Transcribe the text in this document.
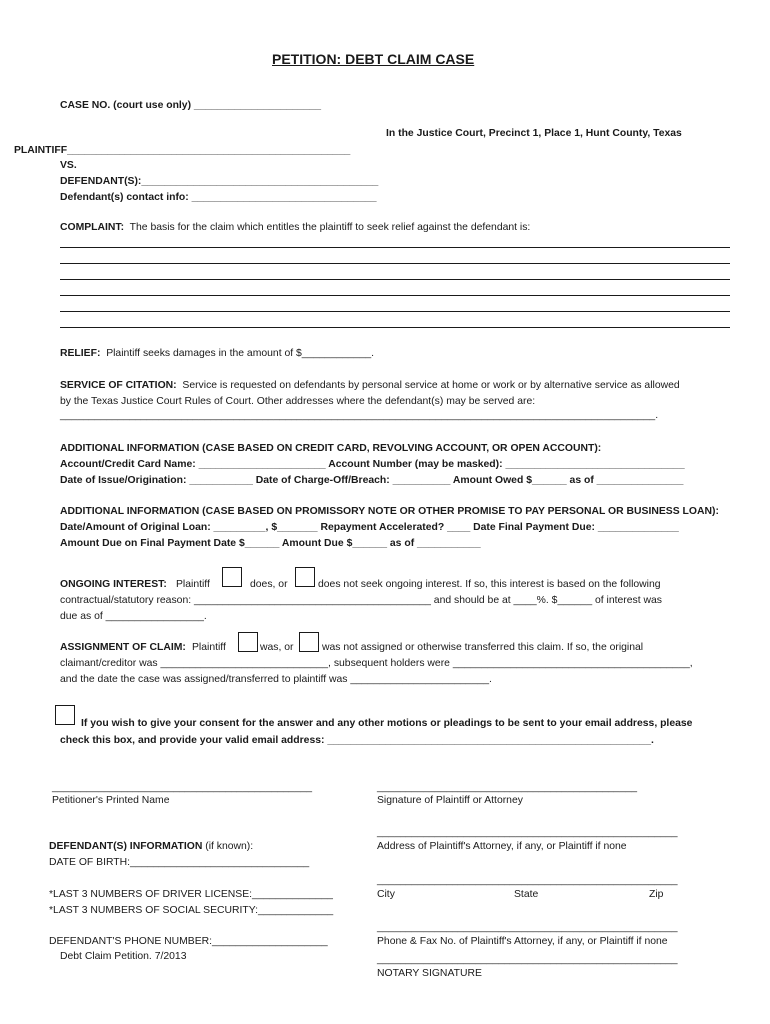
PETITION: DEBT CLAIM CASE
CASE NO. (court use only) ______________________
In the Justice Court, Precinct 1, Place 1, Hunt County, Texas
PLAINTIFF_________________________________________________
VS.
DEFENDANT(S):_________________________________________
Defendant(s) contact info: ________________________________
COMPLAINT: The basis for the claim which entitles the plaintiff to seek relief against the defendant is:
RELIEF: Plaintiff seeks damages in the amount of $____________.
SERVICE OF CITATION: Service is requested on defendants by personal service at home or work or by alternative service as allowed
by the Texas Justice Court Rules of Court. Other addresses where the defendant(s) may be served are:
_______________________________________________________________________________________________________.
ADDITIONAL INFORMATION (CASE BASED ON CREDIT CARD, REVOLVING ACCOUNT, OR OPEN ACCOUNT):
Account/Credit Card Name: ______________________ Account Number (may be masked): _______________________________
Date of Issue/Origination: ___________ Date of Charge-Off/Breach: __________ Amount Owed $______ as of _______________
ADDITIONAL INFORMATION (CASE BASED ON PROMISSORY NOTE OR OTHER PROMISE TO PAY PERSONAL OR BUSINESS LOAN):
Date/Amount of Original Loan: _________, $_______ Repayment Accelerated? ____ Date Final Payment Due: ______________
Amount Due on Final Payment Date $______ Amount Due $______ as of ___________
ONGOING INTEREST: Plaintiff	does, or	does not seek ongoing interest. If so, this interest is based on the following
contractual/statutory reason: _________________________________________ and should be at ____%. $______ of interest was
due as of _________________.
ASSIGNMENT OF CLAIM: Plaintiff	was, or	was not assigned or otherwise transferred this claim. If so, the original
claimant/creditor was _____________________________, subsequent holders were _________________________________________,
and the date the case was assigned/transferred to plaintiff was ________________________.
If you wish to give your consent for the answer and any other motions or pleadings to be sent to your email address, please
check this box, and provide your valid email address: ________________________________________________________.
_____________________________________________
Petitioner's Printed Name
DEFENDANT(S) INFORMATION (if known):
DATE OF BIRTH:_______________________________
*LAST 3 NUMBERS OF DRIVER LICENSE:______________
*LAST 3 NUMBERS OF SOCIAL SECURITY:_____________
DEFENDANT'S PHONE NUMBER:____________________
Debt Claim Petition. 7/2013
_____________________________________________
Signature of Plaintiff or Attorney
____________________________________________________
Address of Plaintiff's Attorney, if any, or Plaintiff if none
____________________________________________________
City	State	Zip
____________________________________________________
Phone & Fax No. of Plaintiff's Attorney, if any, or Plaintiff if none
____________________________________________________
NOTARY SIGNATURE
